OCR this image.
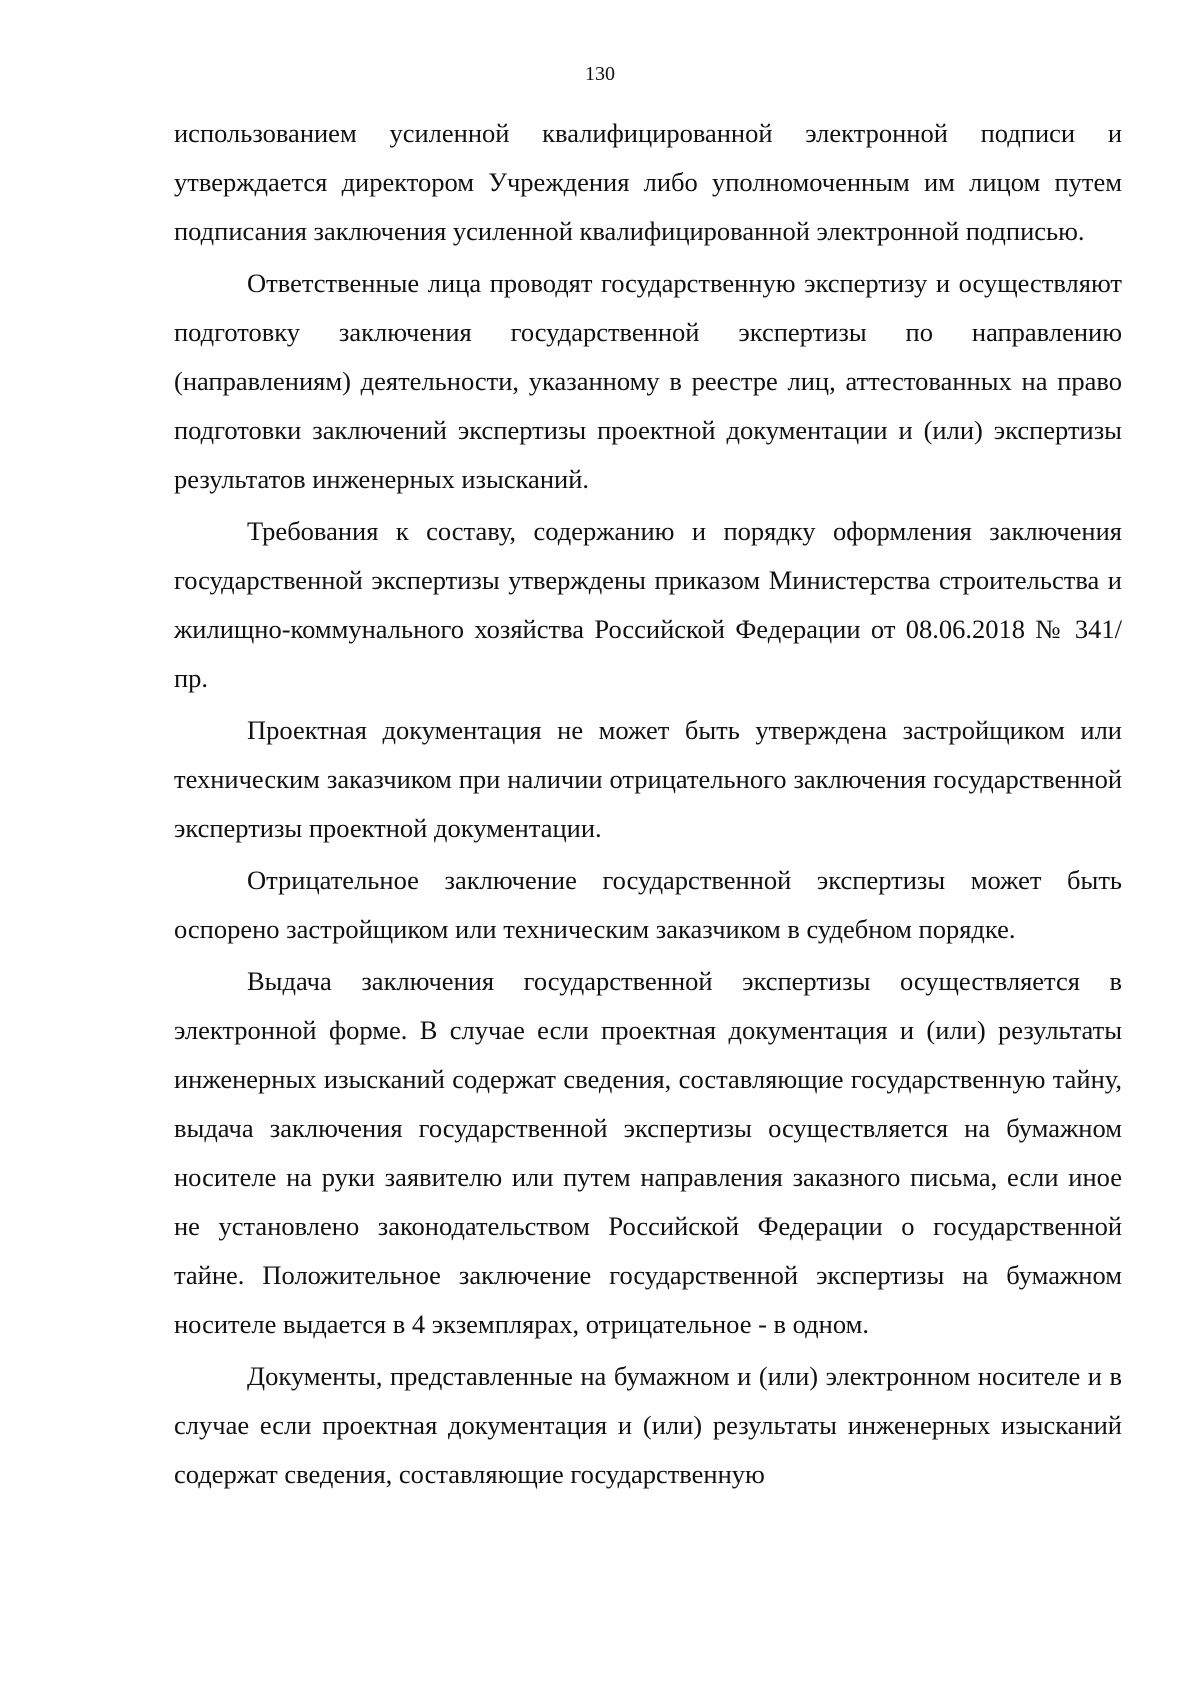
130

использованием усиленной квалифицированной электронной подписи и утверждается директором Учреждения либо уполномоченным им лицом путем подписания заключения усиленной квалифицированной электронной подписью.

Ответственные лица проводят государственную экспертизу и осуществляют подготовку заключения государственной экспертизы по направлению (направлениям) деятельности, указанному в реестре лиц, аттестованных на право подготовки заключений экспертизы проектной документации и (или) экспертизы результатов инженерных изысканий.

Требования к составу, содержанию и порядку оформления заключения государственной экспертизы утверждены приказом Министерства строительства и жилищно-коммунального хозяйства Российской Федерации от 08.06.2018 № 341/пр.

Проектная документация не может быть утверждена застройщиком или техническим заказчиком при наличии отрицательного заключения государственной экспертизы проектной документации.

Отрицательное заключение государственной экспертизы может быть оспорено застройщиком или техническим заказчиком в судебном порядке.

Выдача заключения государственной экспертизы осуществляется в электронной форме. В случае если проектная документация и (или) результаты инженерных изысканий содержат сведения, составляющие государственную тайну, выдача заключения государственной экспертизы осуществляется на бумажном носителе на руки заявителю или путем направления заказного письма, если иное не установлено законодательством Российской Федерации о государственной тайне. Положительное заключение государственной экспертизы на бумажном носителе выдается в 4 экземплярах, отрицательное - в одном.

Документы, представленные на бумажном и (или) электронном носителе и в случае если проектная документация и (или) результаты инженерных изысканий содержат сведения, составляющие государственную
